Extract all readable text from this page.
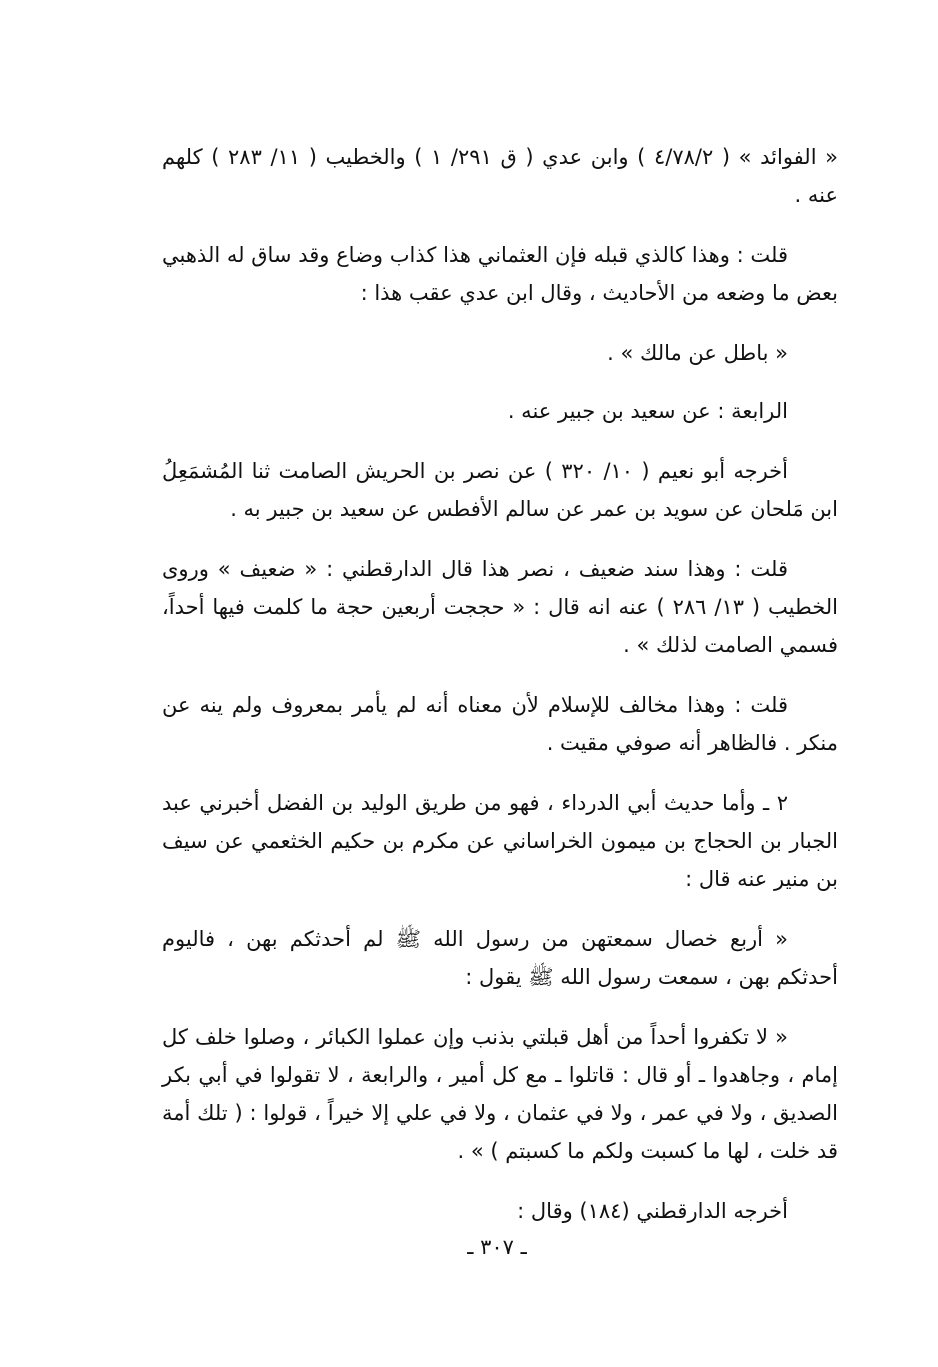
« الفوائد » ( ٤/٧٨/٢ ) وابن عدي ( ق ٢٩١/ ١ ) والخطيب ( ١١/ ٢٨٣ ) كلهم عنه .

قلت : وهذا كالذي قبله فإن العثماني هذا كذاب وضاع وقد ساق له الذهبي بعض ما وضعه من الأحاديث ، وقال ابن عدي عقب هذا :

« باطل عن مالك » .

الرابعة : عن سعيد بن جبير عنه .

أخرجه أبو نعيم ( ١٠/ ٣٢٠ ) عن نصر بن الحريش الصامت ثنا المُشمَعِلُ ابن مَلحان عن سويد بن عمر عن سالم الأفطس عن سعيد بن جبير به .

قلت : وهذا سند ضعيف ، نصر هذا قال الدارقطني : « ضعيف » وروى الخطيب ( ١٣/ ٢٨٦ ) عنه انه قال : « حججت أربعين حجة ما كلمت فيها أحداً، فسمي الصامت لذلك » .

قلت : وهذا مخالف للإسلام لأن معناه أنه لم يأمر بمعروف ولم ينه عن منكر . فالظاهر أنه صوفي مقيت .

٢ ـ وأما حديث أبي الدرداء ، فهو من طريق الوليد بن الفضل أخبرني عبد الجبار بن الحجاج بن ميمون الخراساني عن مكرم بن حكيم الخثعمي عن سيف بن منير عنه قال :

« أربع خصال سمعتهن من رسول الله ﷺ لم أحدثكم بهن ، فاليوم أحدثكم بهن ، سمعت رسول الله ﷺ يقول :

« لا تكفروا أحداً من أهل قبلتي بذنب وإن عملوا الكبائر ، وصلوا خلف كل إمام ، وجاهدوا ـ أو قال : قاتلوا ـ مع كل أمير ، والرابعة ، لا تقولوا في أبي بكر الصديق ، ولا في عمر ، ولا في عثمان ، ولا في علي إلا خيراً ، قولوا : ( تلك أمة قد خلت ، لها ما كسبت ولكم ما كسبتم ) » .

أخرجه الدارقطني (١٨٤) وقال :

ـ ٣٠٧ ـ
